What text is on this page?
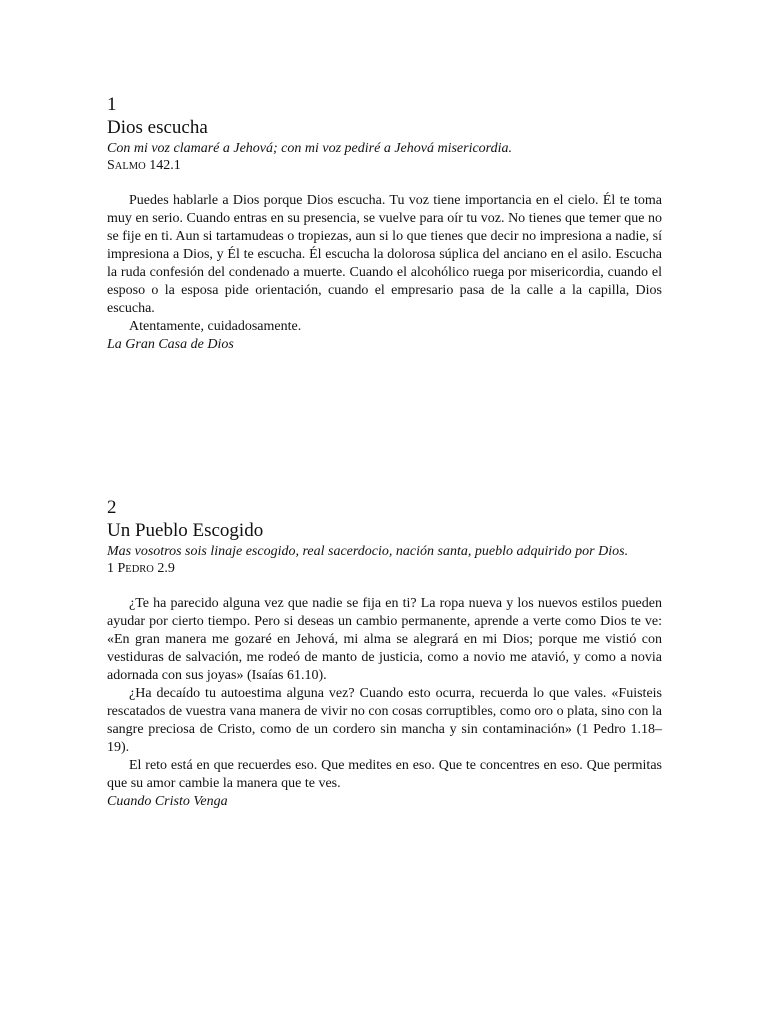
1
Dios escucha
Con mi voz clamaré a Jehová; con mi voz pediré a Jehová misericordia.
SALMO 142.1

Puedes hablarle a Dios porque Dios escucha. Tu voz tiene importancia en el cielo. Él te toma muy en serio. Cuando entras en su presencia, se vuelve para oír tu voz. No tienes que temer que no se fije en ti. Aun si tartamudeas o tropiezas, aun si lo que tienes que decir no impresiona a nadie, sí impresiona a Dios, y Él te escucha. Él escucha la dolorosa súplica del anciano en el asilo. Escucha la ruda confesión del condenado a muerte. Cuando el alcohólico ruega por misericordia, cuando el esposo o la esposa pide orientación, cuando el empresario pasa de la calle a la capilla, Dios escucha.

Atentamente, cuidadosamente.

La Gran Casa de Dios
2
Un Pueblo Escogido
Mas vosotros sois linaje escogido, real sacerdocio, nación santa, pueblo adquirido por Dios.
1 PEDRO 2.9

¿Te ha parecido alguna vez que nadie se fija en ti? La ropa nueva y los nuevos estilos pueden ayudar por cierto tiempo. Pero si deseas un cambio permanente, aprende a verte como Dios te ve: «En gran manera me gozaré en Jehová, mi alma se alegrará en mi Dios; porque me vistió con vestiduras de salvación, me rodeó de manto de justicia, como a novio me atavió, y como a novia adornada con sus joyas» (Isaías 61.10).

¿Ha decaído tu autoestima alguna vez? Cuando esto ocurra, recuerda lo que vales. «Fuisteis rescatados de vuestra vana manera de vivir no con cosas corruptibles, como oro o plata, sino con la sangre preciosa de Cristo, como de un cordero sin mancha y sin contaminación» (1 Pedro 1.18–19).

El reto está en que recuerdes eso. Que medites en eso. Que te concentres en eso. Que permitas que su amor cambie la manera que te ves.

Cuando Cristo Venga
